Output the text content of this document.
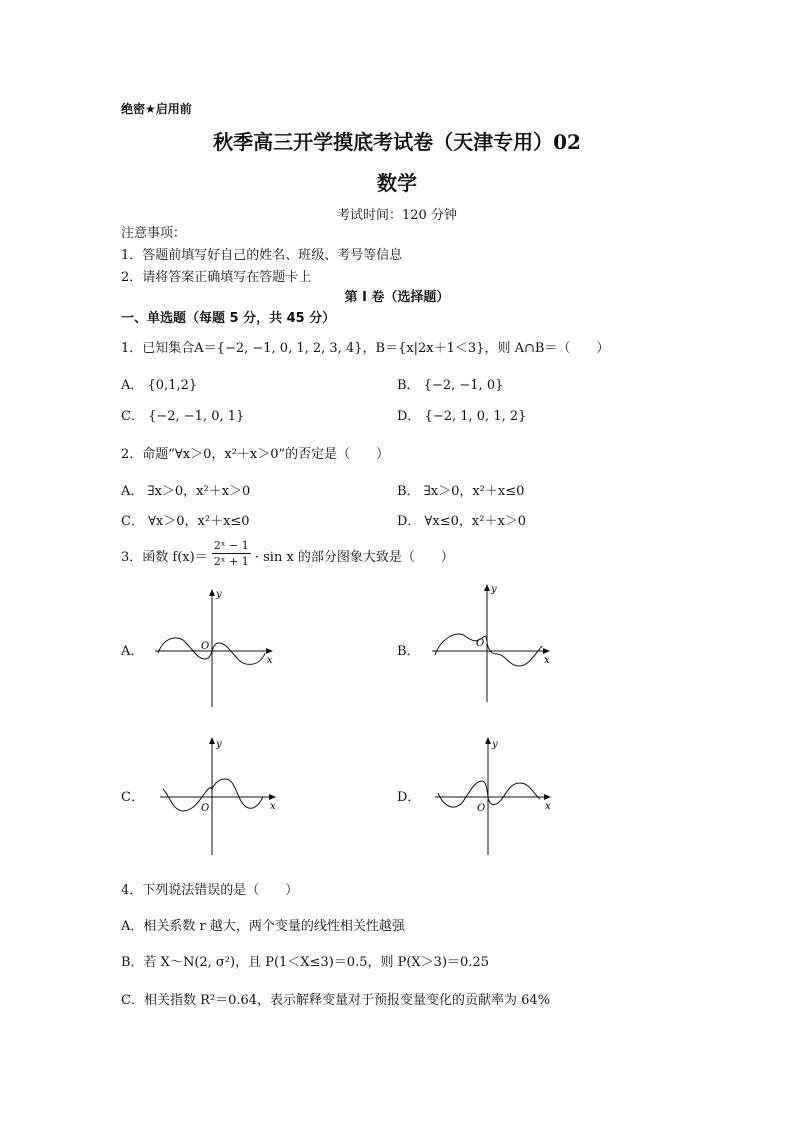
绝密★启用前
秋季高三开学摸底考试卷（天津专用）02
数学
考试时间：120 分钟
注意事项：
1．答题前填写好自己的姓名、班级、考号等信息
2．请将答案正确填写在答题卡上
第 I 卷（选择题）
一、单选题（每题 5 分，共 45 分）
1．已知集合A＝{−2, −1, 0, 1, 2, 3, 4}，B＝{x|2x＋1＜3}，则 A∩B＝（　　）
A． {0,1,2}	B． {−2, −1, 0}
C． {−2, −1, 0, 1}	D． {−2, 1, 0, 1, 2}
2．命题“∀x＞0，x²＋x＞0”的否定是（　　）
A． ∃x＞0，x²＋x＞0	B． ∃x＞0，x²＋x≤0
C． ∀x＞0，x²＋x≤0	D． ∀x≤0，x²＋x＞0
3．函数 $f(x)= \frac{\text{2ˣ − 1}}{\text{2ˣ + 1}} \cdot \sin x$ 的部分图象大致是（　　）
A．	B．
C．	D．
y
x
O
y
x
O
y
x
O
y
x
O
4．下列说法错误的是（　　）
A．相关系数 r 越大，两个变量的线性相关性越强
B．若 X～N(2, σ²)，且 P(1＜X≤3)＝0.5，则 P(X＞3)＝0.25
C．相关指数 R²＝0.64，表示解释变量对于预报变量变化的贡献率为 64%
